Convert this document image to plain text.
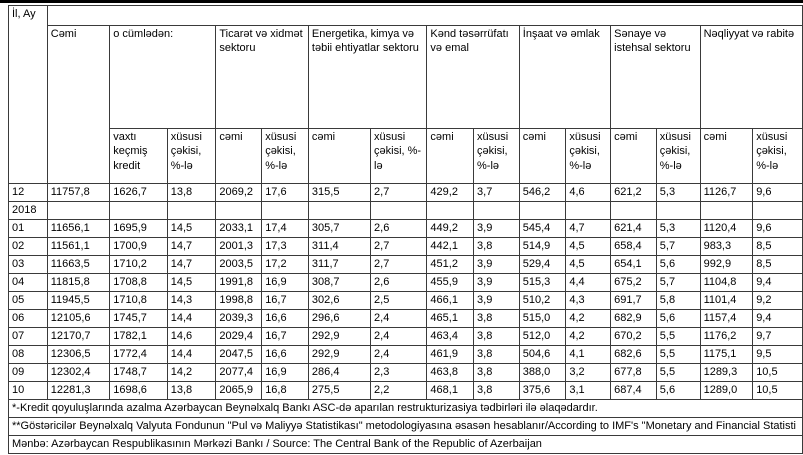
İl, Ay															
	Cəmi	o cümlədən:		Ticarət və xidmət sektoru		Energetika, kimya və təbii ehtiyatlar sektoru		Kənd təsərrüfatı və emal		İnşaat və əmlak		Sənaye və istehsal sektoru		Nəqliyyat və rabitə	
		vaxtı keçmiş kredit	xüsusi çəkisi, %-lə	cəmi	xüsusi çəkisi, %-lə	cəmi	xüsusi çəkisi, %-lə	cəmi	xüsusi çəkisi, %-lə	cəmi	xüsusi çəkisi, %-lə	cəmi	xüsusi çəkisi, %-lə	cəmi	xüsusi çəkisi, %-lə
12	11757,8	1626,7	13,8	2069,2	17,6	315,5	2,7	429,2	3,7	546,2	4,6	621,2	5,3	1126,7	9,6
2018															
01	11656,1	1695,9	14,5	2033,1	17,4	305,7	2,6	449,2	3,9	545,4	4,7	621,4	5,3	1120,4	9,6
02	11561,1	1700,9	14,7	2001,3	17,3	311,4	2,7	442,1	3,8	514,9	4,5	658,4	5,7	983,3	8,5
03	11663,5	1710,2	14,7	2003,5	17,2	311,7	2,7	451,2	3,9	529,4	4,5	654,1	5,6	992,9	8,5
04	11815,8	1708,8	14,5	1991,8	16,9	308,7	2,6	455,9	3,9	515,3	4,4	675,2	5,7	1104,8	9,4
05	11945,5	1710,8	14,3	1998,8	16,7	302,6	2,5	466,1	3,9	510,2	4,3	691,7	5,8	1101,4	9,2
06	12105,6	1745,7	14,4	2039,3	16,6	296,6	2,4	465,1	3,8	515,0	4,2	682,9	5,6	1157,4	9,4
07	12170,7	1782,1	14,6	2029,4	16,7	292,9	2,4	463,4	3,8	512,0	4,2	670,2	5,5	1176,2	9,7
08	12306,5	1772,4	14,4	2047,5	16,6	292,9	2,4	461,9	3,8	504,6	4,1	682,6	5,5	1175,1	9,5
09	12302,4	1748,7	14,2	2077,4	16,9	286,4	2,3	463,8	3,8	388,0	3,2	677,8	5,5	1289,3	10,5
10	12281,3	1698,6	13,8	2065,9	16,8	275,5	2,2	468,1	3,8	375,6	3,1	687,4	5,6	1289,0	10,5
*-Kredit qoyuluşlarında azalma Azərbaycan Beynəlxalq Bankı ASC-də aparılan restrukturizasiya tədbirləri ilə əlaqədardır.															
**Göstəricilər Beynəlxalq Valyuta Fondunun "Pul və Maliyyə Statistikası" metodologiyasına əsasən hesablanır/According to IMF's "Monetary and Financial Statisti															
Mənbə: Azərbaycan Respublikasının Mərkəzi Bankı / Source: The Central Bank of the Republic of Azerbaijan															
